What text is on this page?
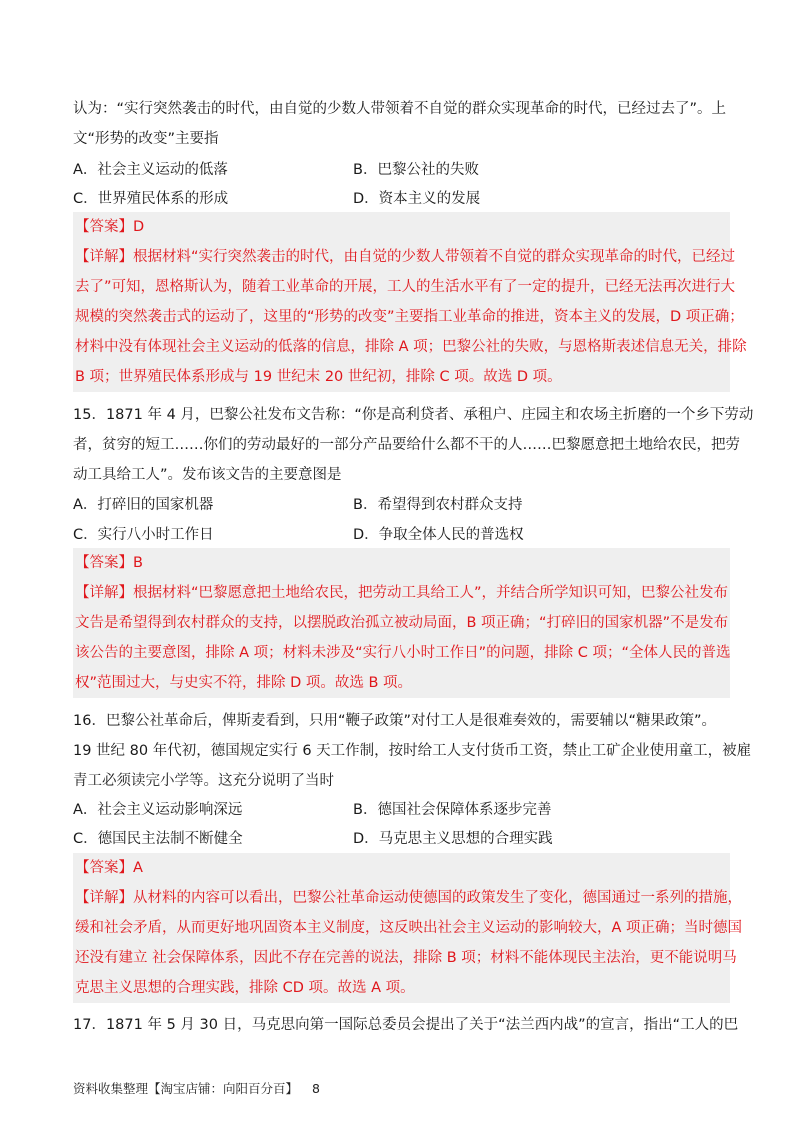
认为：“实行突然袭击的时代，由自觉的少数人带领着不自觉的群众实现革命的时代，已经过去了”。上

文“形势的改变”主要指

A．社会主义运动的低落	B．巴黎公社的失败
C．世界殖民体系的形成	D．资本主义的发展
【答案】D
【详解】根据材料“实行突然袭击的时代，由自觉的少数人带领着不自觉的群众实现革命的时代，已经过
去了”可知，恩格斯认为，随着工业革命的开展，工人的生活水平有了一定的提升，已经无法再次进行大
规模的突然袭击式的运动了，这里的“形势的改变”主要指工业革命的推进，资本主义的发展，D 项正确；
材料中没有体现社会主义运动的低落的信息，排除 A 项；巴黎公社的失败，与恩格斯表述信息无关，排除
B 项；世界殖民体系形成与 19 世纪末 20 世纪初，排除 C 项。故选 D 项。

15．1871 年 4 月，巴黎公社发布文告称：“你是高利贷者、承租户、庄园主和农场主折磨的一个乡下劳动

者，贫穷的短工……你们的劳动最好的一部分产品要给什么都不干的人……巴黎愿意把土地给农民，把劳

动工具给工人”。发布该文告的主要意图是

A．打碎旧的国家机器	B．希望得到农村群众支持
C．实行八小时工作日	D．争取全体人民的普选权
【答案】B
【详解】根据材料“巴黎愿意把土地给农民，把劳动工具给工人”，并结合所学知识可知，巴黎公社发布
文告是希望得到农村群众的支持，以摆脱政治孤立被动局面，B 项正确；“打碎旧的国家机器”不是发布
该公告的主要意图，排除 A 项；材料未涉及“实行八小时工作日”的问题，排除 C 项；“全体人民的普选
权”范围过大，与史实不符，排除 D 项。故选 B 项。

16．巴黎公社革命后，俾斯麦看到，只用“鞭子政策”对付工人是很难奏效的，需要辅以“糖果政策”。

19 世纪 80 年代初，德国规定实行 6 天工作制，按时给工人支付货币工资，禁止工矿企业使用童工，被雇

青工必须读完小学等。这充分说明了当时

A．社会主义运动影响深远	B．德国社会保障体系逐步完善
C．德国民主法制不断健全	D．马克思主义思想的合理实践
【答案】A
【详解】从材料的内容可以看出，巴黎公社革命运动使德国的政策发生了变化，德国通过一系列的措施，
缓和社会矛盾，从而更好地巩固资本主义制度，这反映出社会主义运动的影响较大，A 项正确；当时德国
还没有建立 社会保障体系，因此不存在完善的说法，排除 B 项；材料不能体现民主法治，更不能说明马
克思主义思想的合理实践，排除 CD 项。故选 A 项。

17．1871 年 5 月 30 日，马克思向第一国际总委员会提出了关于“法兰西内战”的宣言，指出“工人的巴

资料收集整理【淘宝店铺：向阳百分百】 8
